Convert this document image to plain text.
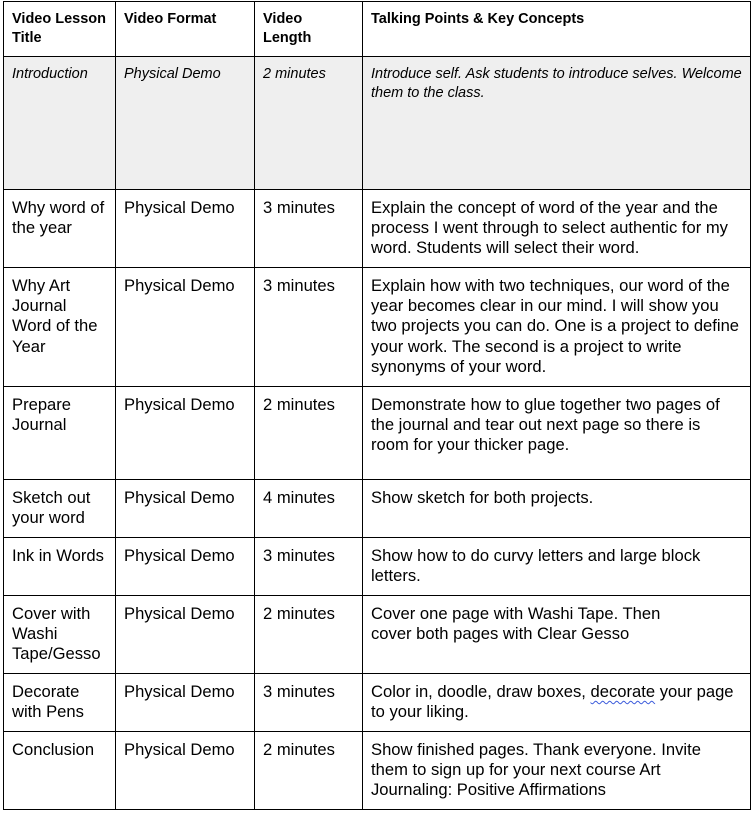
Video Lesson Title	Video Format	Video Length	Talking Points & Key Concepts
Introduction	Physical Demo	2 minutes	Introduce self. Ask students to introduce selves. Welcome them to the class.
Why word of the year	Physical Demo	3 minutes	Explain the concept of word of the year and the process I went through to select authentic for my word. Students will select their word.
Why Art Journal Word of the Year	Physical Demo	3 minutes	Explain how with two techniques, our word of the year becomes clear in our mind. I will show you two projects you can do. One is a project to define your work. The second is a project to write synonyms of your word.
Prepare Journal	Physical Demo	2 minutes	Demonstrate how to glue together two pages of the journal and tear out next page so there is room for your thicker page.
Sketch out your word	Physical Demo	4 minutes	Show sketch for both projects.
Ink in Words	Physical Demo	3 minutes	Show how to do curvy letters and large block letters.
Cover with Washi Tape/Gesso	Physical Demo	2 minutes	Cover one page with Washi Tape. Then
cover both pages with Clear Gesso
Decorate with Pens	Physical Demo	3 minutes	Color in, doodle, draw boxes, decorate your page to your liking.
Conclusion	Physical Demo	2 minutes	Show finished pages. Thank everyone. Invite them to sign up for your next course Art Journaling: Positive Affirmations
